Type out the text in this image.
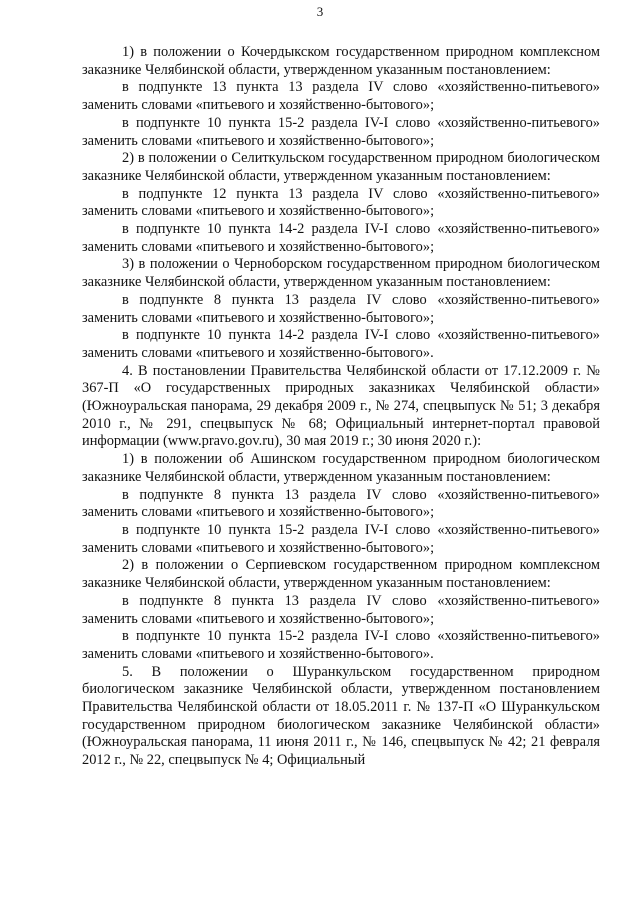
3

1) в положении о Кочердыкском государственном природном комплексном заказнике Челябинской области, утвержденном указанным постановлением:

в подпункте 13 пункта 13 раздела IV слово «хозяйственно-питьевого» заменить словами «питьевого и хозяйственно-бытового»;

в подпункте 10 пункта 15-2 раздела IV-I слово «хозяйственно-питьевого» заменить словами «питьевого и хозяйственно-бытового»;

2) в положении о Селиткульском государственном природном биологическом заказнике Челябинской области, утвержденном указанным постановлением:

в подпункте 12 пункта 13 раздела IV слово «хозяйственно-питьевого» заменить словами «питьевого и хозяйственно-бытового»;

в подпункте 10 пункта 14-2 раздела IV-I слово «хозяйственно-питьевого» заменить словами «питьевого и хозяйственно-бытового»;

3) в положении о Черноборском государственном природном биологическом заказнике Челябинской области, утвержденном указанным постановлением:

в подпункте 8 пункта 13 раздела IV слово «хозяйственно-питьевого» заменить словами «питьевого и хозяйственно-бытового»;

в подпункте 10 пункта 14-2 раздела IV-I слово «хозяйственно-питьевого» заменить словами «питьевого и хозяйственно-бытового».

4. В постановлении Правительства Челябинской области от 17.12.2009 г. № 367-П «О государственных природных заказниках Челябинской области» (Южноуральская панорама, 29 декабря 2009 г., № 274, спецвыпуск № 51; 3 декабря 2010 г., № 291, спецвыпуск № 68; Официальный интернет-портал правовой информации (www.pravo.gov.ru), 30 мая 2019 г.; 30 июня 2020 г.):

1) в положении об Ашинском государственном природном биологическом заказнике Челябинской области, утвержденном указанным постановлением:

в подпункте 8 пункта 13 раздела IV слово «хозяйственно-питьевого» заменить словами «питьевого и хозяйственно-бытового»;

в подпункте 10 пункта 15-2 раздела IV-I слово «хозяйственно-питьевого» заменить словами «питьевого и хозяйственно-бытового»;

2) в положении о Серпиевском государственном природном комплексном заказнике Челябинской области, утвержденном указанным постановлением:

в подпункте 8 пункта 13 раздела IV слово «хозяйственно-питьевого» заменить словами «питьевого и хозяйственно-бытового»;

в подпункте 10 пункта 15-2 раздела IV-I слово «хозяйственно-питьевого» заменить словами «питьевого и хозяйственно-бытового».

5. В положении о Шуранкульском государственном природном биологическом заказнике Челябинской области, утвержденном постановлением Правительства Челябинской области от 18.05.2011 г. № 137-П «О Шуранкульском государственном природном биологическом заказнике Челябинской области» (Южноуральская панорама, 11 июня 2011 г., № 146, спецвыпуск № 42; 21 февраля 2012 г., № 22, спецвыпуск № 4; Официальный
